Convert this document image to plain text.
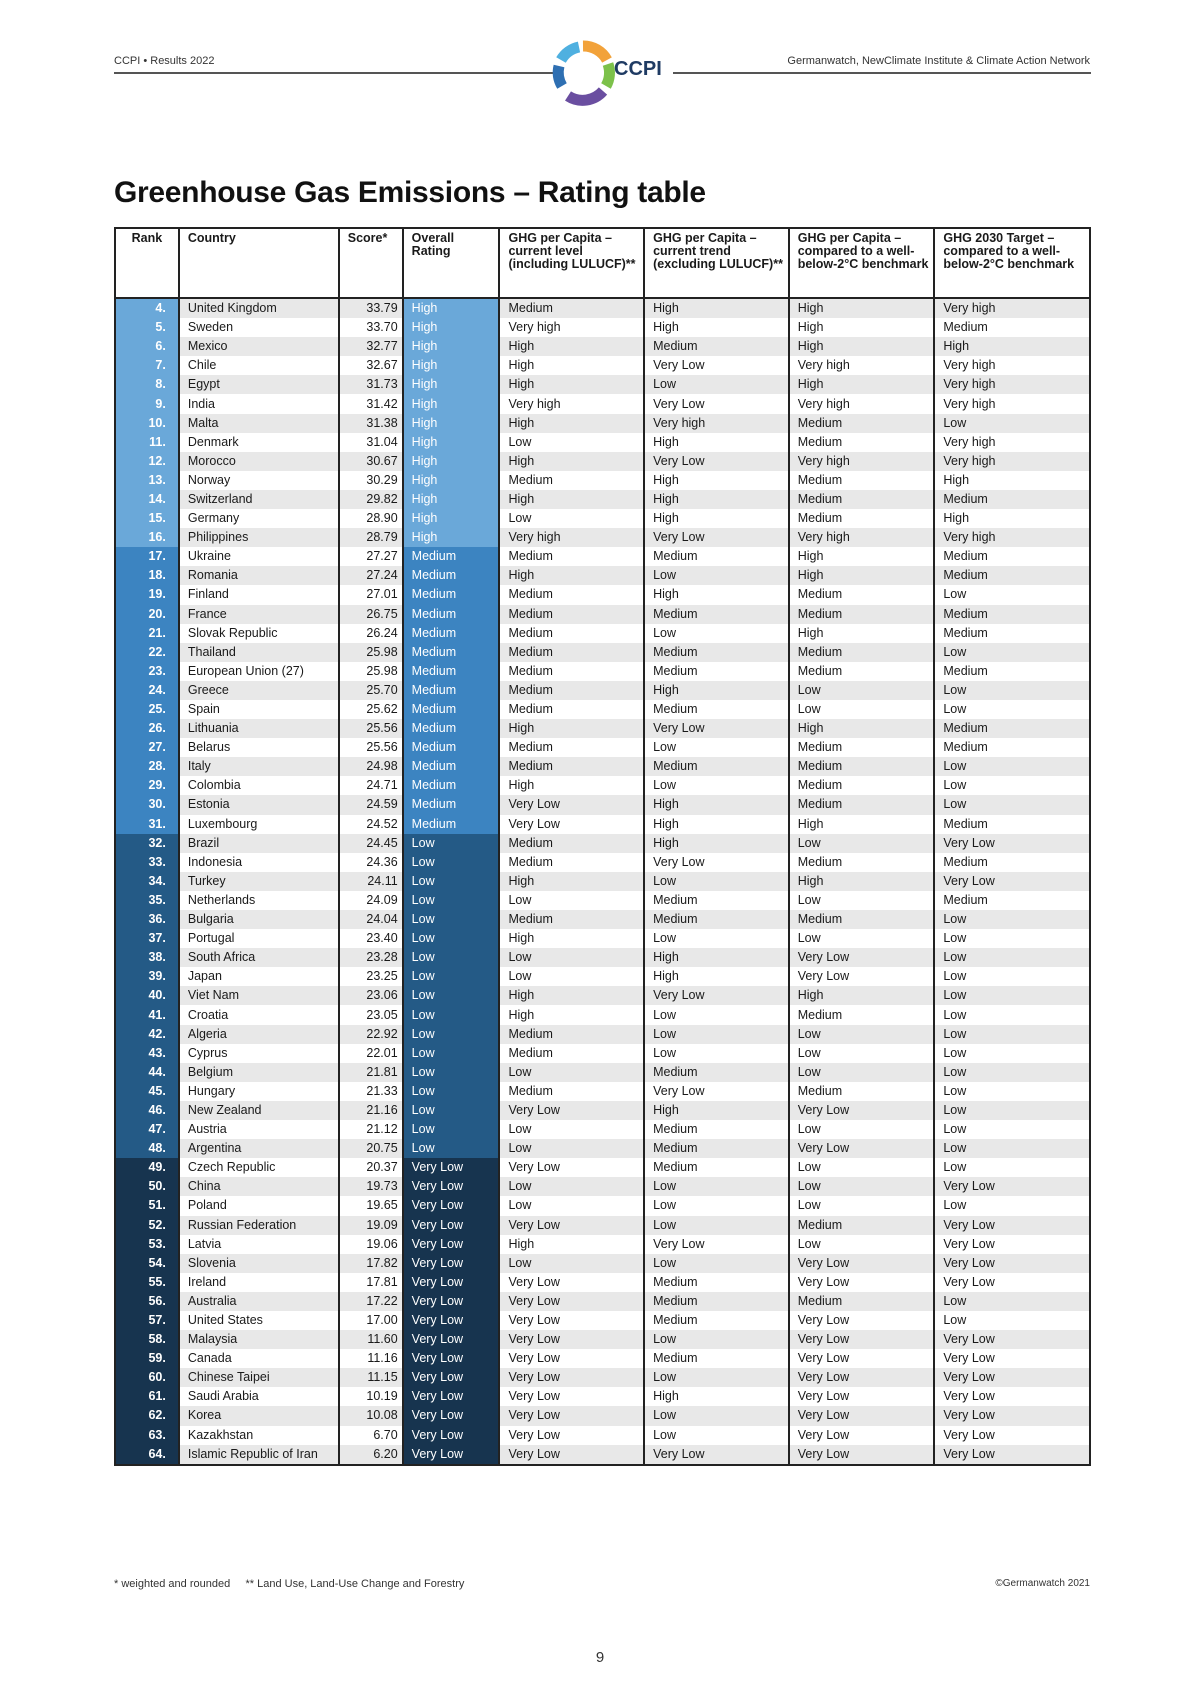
CCPI • Results 2022	CCPI	Germanwatch, NewClimate Institute & Climate Action Network
Greenhouse Gas Emissions – Rating table
Rank	Country	Score*	Overall Rating	GHG per Capita – current level (including LULUCF)**	GHG per Capita – current trend (excluding LULUCF)**	GHG per Capita – compared to a well-below-2°C benchmark	GHG 2030 Target – compared to a well-below-2°C benchmark
4.	United Kingdom	33.79	High	Medium	High	High	Very high
5.	Sweden	33.70	High	Very high	High	High	Medium
6.	Mexico	32.77	High	High	Medium	High	High
7.	Chile	32.67	High	High	Very Low	Very high	Very high
8.	Egypt	31.73	High	High	Low	High	Very high
9.	India	31.42	High	Very high	Very Low	Very high	Very high
10.	Malta	31.38	High	High	Very high	Medium	Low
11.	Denmark	31.04	High	Low	High	Medium	Very high
12.	Morocco	30.67	High	High	Very Low	Very high	Very high
13.	Norway	30.29	High	Medium	High	Medium	High
14.	Switzerland	29.82	High	High	High	Medium	Medium
15.	Germany	28.90	High	Low	High	Medium	High
16.	Philippines	28.79	High	Very high	Very Low	Very high	Very high
17.	Ukraine	27.27	Medium	Medium	Medium	High	Medium
18.	Romania	27.24	Medium	High	Low	High	Medium
19.	Finland	27.01	Medium	Medium	High	Medium	Low
20.	France	26.75	Medium	Medium	Medium	Medium	Medium
21.	Slovak Republic	26.24	Medium	Medium	Low	High	Medium
22.	Thailand	25.98	Medium	Medium	Medium	Medium	Low
23.	European Union (27)	25.98	Medium	Medium	Medium	Medium	Medium
24.	Greece	25.70	Medium	Medium	High	Low	Low
25.	Spain	25.62	Medium	Medium	Medium	Low	Low
26.	Lithuania	25.56	Medium	High	Very Low	High	Medium
27.	Belarus	25.56	Medium	Medium	Low	Medium	Medium
28.	Italy	24.98	Medium	Medium	Medium	Medium	Low
29.	Colombia	24.71	Medium	High	Low	Medium	Low
30.	Estonia	24.59	Medium	Very Low	High	Medium	Low
31.	Luxembourg	24.52	Medium	Very Low	High	High	Medium
32.	Brazil	24.45	Low	Medium	High	Low	Very Low
33.	Indonesia	24.36	Low	Medium	Very Low	Medium	Medium
34.	Turkey	24.11	Low	High	Low	High	Very Low
35.	Netherlands	24.09	Low	Low	Medium	Low	Medium
36.	Bulgaria	24.04	Low	Medium	Medium	Medium	Low
37.	Portugal	23.40	Low	High	Low	Low	Low
38.	South Africa	23.28	Low	Low	High	Very Low	Low
39.	Japan	23.25	Low	Low	High	Very Low	Low
40.	Viet Nam	23.06	Low	High	Very Low	High	Low
41.	Croatia	23.05	Low	High	Low	Medium	Low
42.	Algeria	22.92	Low	Medium	Low	Low	Low
43.	Cyprus	22.01	Low	Medium	Low	Low	Low
44.	Belgium	21.81	Low	Low	Medium	Low	Low
45.	Hungary	21.33	Low	Medium	Very Low	Medium	Low
46.	New Zealand	21.16	Low	Very Low	High	Very Low	Low
47.	Austria	21.12	Low	Low	Medium	Low	Low
48.	Argentina	20.75	Low	Low	Medium	Very Low	Low
49.	Czech Republic	20.37	Very Low	Very Low	Medium	Low	Low
50.	China	19.73	Very Low	Low	Low	Low	Very Low
51.	Poland	19.65	Very Low	Low	Low	Low	Low
52.	Russian Federation	19.09	Very Low	Very Low	Low	Medium	Very Low
53.	Latvia	19.06	Very Low	High	Very Low	Low	Very Low
54.	Slovenia	17.82	Very Low	Low	Low	Very Low	Very Low
55.	Ireland	17.81	Very Low	Very Low	Medium	Very Low	Very Low
56.	Australia	17.22	Very Low	Very Low	Medium	Medium	Low
57.	United States	17.00	Very Low	Very Low	Medium	Very Low	Low
58.	Malaysia	11.60	Very Low	Very Low	Low	Very Low	Very Low
59.	Canada	11.16	Very Low	Very Low	Medium	Very Low	Very Low
60.	Chinese Taipei	11.15	Very Low	Very Low	Low	Very Low	Very Low
61.	Saudi Arabia	10.19	Very Low	Very Low	High	Very Low	Very Low
62.	Korea	10.08	Very Low	Very Low	Low	Very Low	Very Low
63.	Kazakhstan	6.70	Very Low	Very Low	Low	Very Low	Very Low
64.	Islamic Republic of Iran	6.20	Very Low	Very Low	Very Low	Very Low	Very Low
* weighted and rounded     ** Land Use, Land-Use Change and Forestry	©Germanwatch 2021
9
